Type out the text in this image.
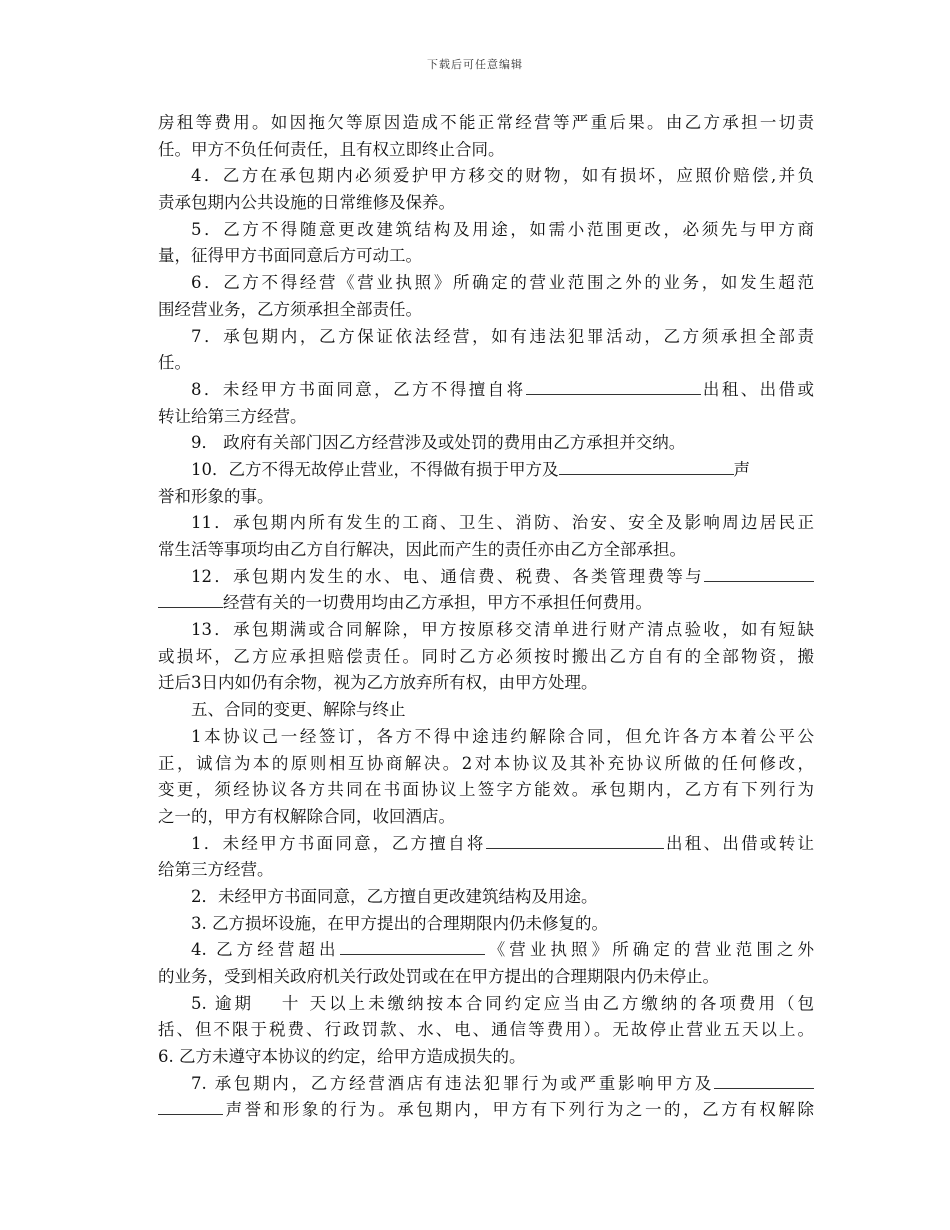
下载后可任意编辑
房租等费用。如因拖欠等原因造成不能正常经营等严重后果。由乙方承担一切责
任。甲方不负任何责任，且有权立即终止合同。
4．乙方在承包期内必须爱护甲方移交的财物，如有损坏，应照价赔偿,并负
责承包期内公共设施的日常维修及保养。
5．乙方不得随意更改建筑结构及用途，如需小范围更改，必须先与甲方商
量，征得甲方书面同意后方可动工。
6．乙方不得经营《营业执照》所确定的营业范围之外的业务，如发生超范
围经营业务，乙方须承担全部责任。
7．承包期内，乙方保证依法经营，如有违法犯罪活动，乙方须承担全部责
任。
8．未经甲方书面同意，乙方不得擅自将	出租、出借或
转让给第三方经营。
9． 政府有关部门因乙方经营涉及或处罚的费用由乙方承担并交纳。
10．乙方不得无故停止营业，不得做有损于甲方及	声
誉和形象的事。
11．承包期内所有发生的工商、卫生、消防、治安、安全及影响周边居民正
常生活等事项均由乙方自行解决，因此而产生的责任亦由乙方全部承担。
12．承包期内发生的水、电、通信费、税费、各类管理费等与
经营有关的一切费用均由乙方承担，甲方不承担任何费用。
13．承包期满或合同解除，甲方按原移交清单进行财产清点验收，如有短缺
或损坏，乙方应承担赔偿责任。同时乙方必须按时搬出乙方自有的全部物资，搬
迁后3日内如仍有余物，视为乙方放弃所有权，由甲方处理。
五、合同的变更、解除与终止
1本协议己一经签订，各方不得中途违约解除合同，但允许各方本着公平公
正，诚信为本的原则相互协商解决。2对本协议及其补充协议所做的任何修改，
变更，须经协议各方共同在书面协议上签字方能效。承包期内，乙方有下列行为
之一的，甲方有权解除合同，收回酒店。
1．未经甲方书面同意，乙方擅自将	出租、出借或转让
给第三方经营。
2．未经甲方书面同意，乙方擅自更改建筑结构及用途。
3. 乙方损坏设施，在甲方提出的合理期限内仍未修复的。
4. 乙方经营超出	《营业执照》所确定的营业范围之外
的业务，受到相关政府机关行政处罚或在在甲方提出的合理期限内仍未停止。
5. 逾期　 十 天以上未缴纳按本合同约定应当由乙方缴纳的各项费用（包
括、但不限于税费、行政罚款、水、电、通信等费用）。无故停止营业五天以上。
6. 乙方未遵守本协议的约定，给甲方造成损失的。
7. 承包期内，乙方经营酒店有违法犯罪行为或严重影响甲方及
声誉和形象的行为。承包期内，甲方有下列行为之一的，乙方有权解除
